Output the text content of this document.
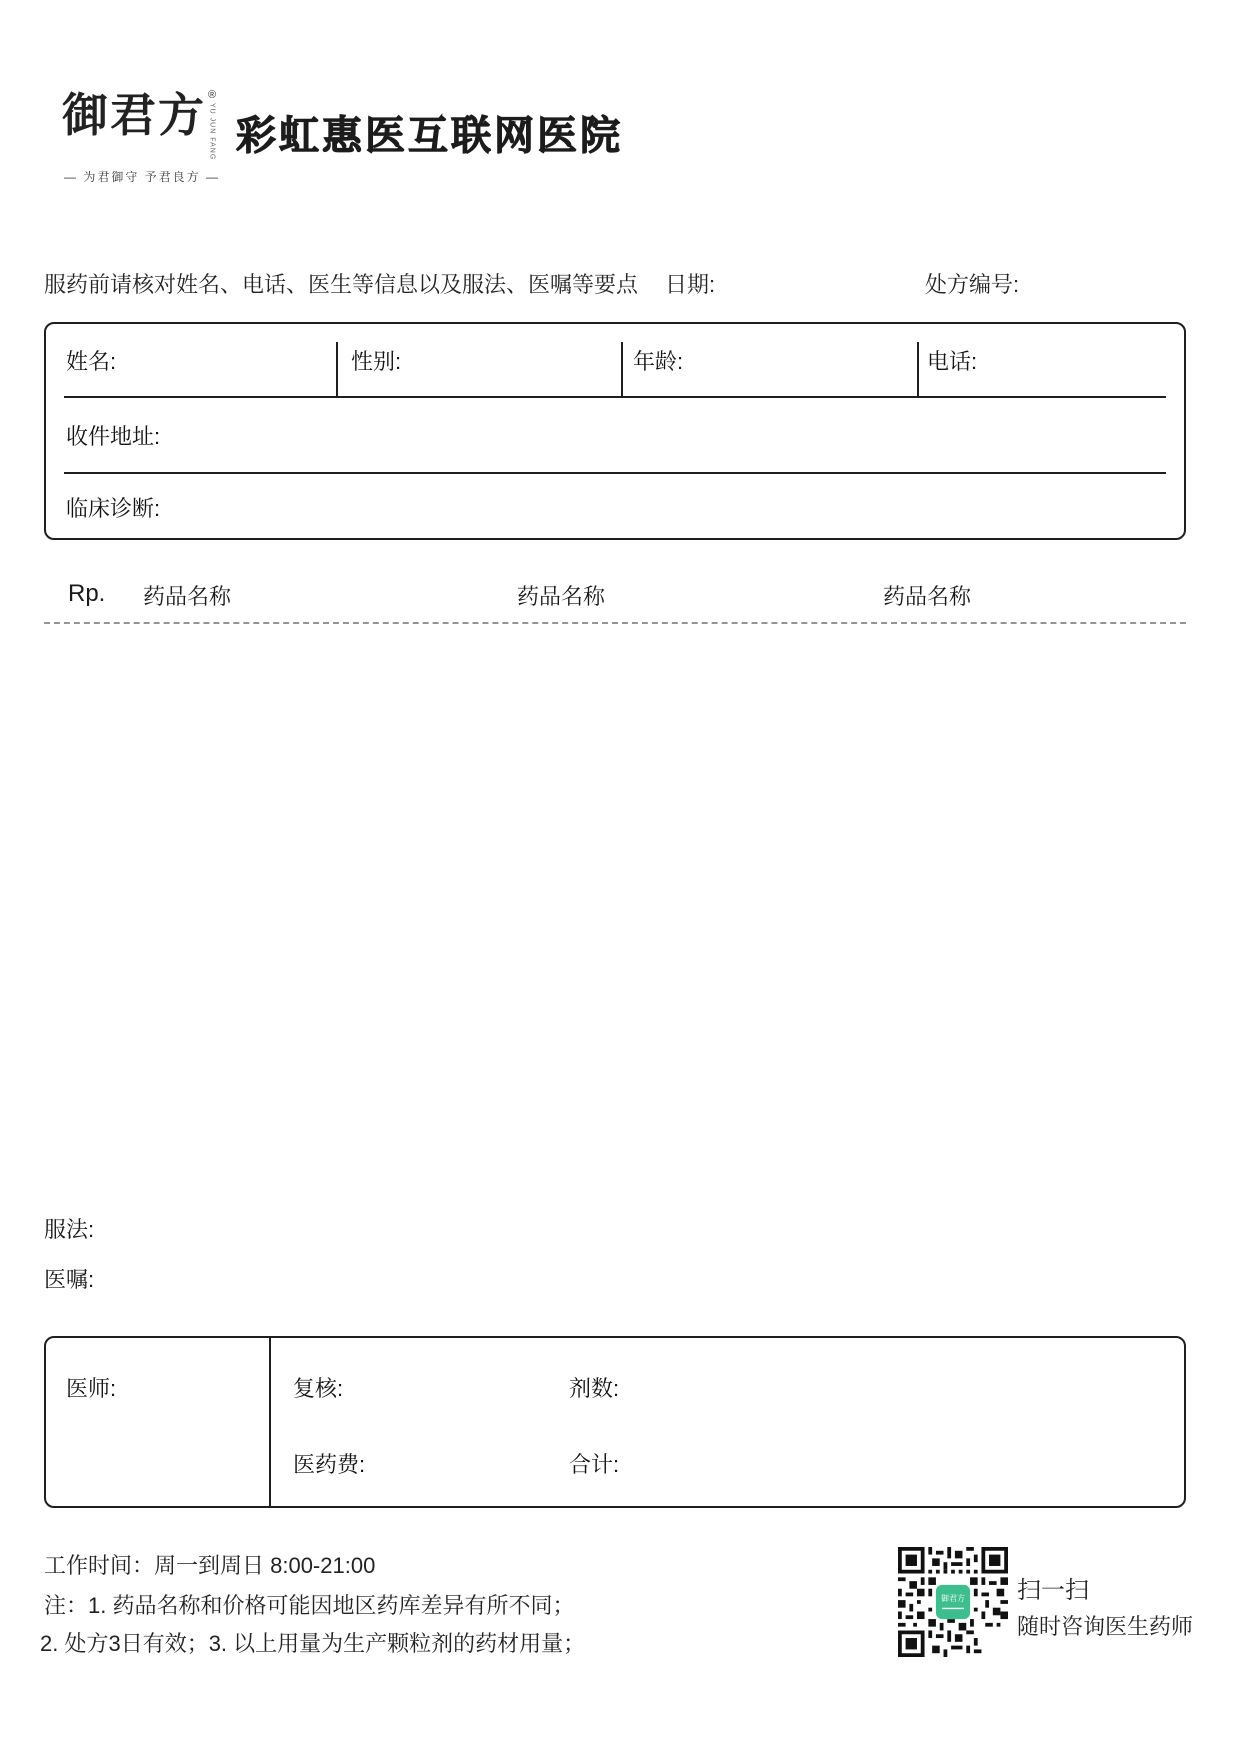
御君方 ®
YU JUN FANG
— 为君御守 予君良方 —
彩虹惠医互联网医院
服药前请核对姓名、电话、医生等信息以及服法、医嘱等要点 日期:	处方编号:
姓名:	性别:	年龄:	电话:
收件地址:
临床诊断:
Rp. 药品名称	药品名称	药品名称
服法:
医嘱:
医师:	复核:	剂数:
医药费:	合计:
工作时间：周一到周日 8:00-21:00
注：1. 药品名称和价格可能因地区药库差异有所不同；
2. 处方3日有效；3. 以上用量为生产颗粒剂的药材用量；
御君方 扫一扫
随时咨询医生药师
